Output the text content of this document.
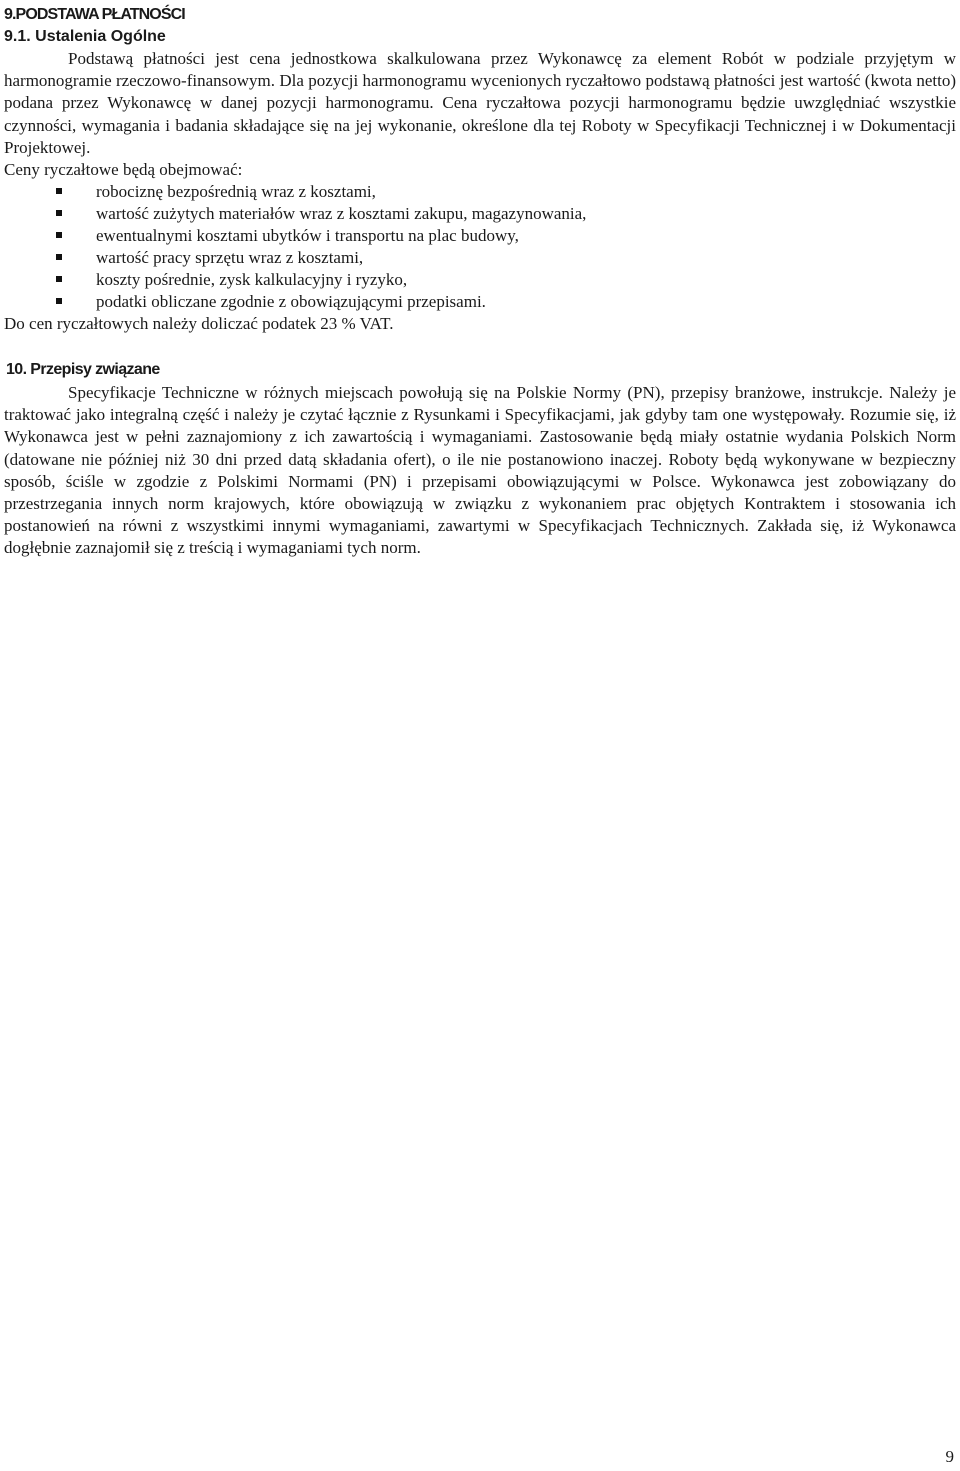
9.PODSTAWA PŁATNOŚCI
9.1. Ustalenia Ogólne

Podstawą płatności jest cena jednostkowa skalkulowana przez Wykonawcę za element Robót w podziale przyjętym w harmonogramie rzeczowo-finansowym. Dla pozycji harmonogramu wycenionych ryczałtowo podstawą płatności jest wartość (kwota netto) podana przez Wykonawcę w danej pozycji harmonogramu. Cena ryczałtowa pozycji harmonogramu będzie uwzględniać wszystkie czynności, wymagania i badania składające się na jej wykonanie, określone dla tej Roboty w Specyfikacji Technicznej i w Dokumentacji Projektowej.

Ceny ryczałtowe będą obejmować:

robociznę bezpośrednią wraz z kosztami,
wartość zużytych materiałów wraz z kosztami zakupu, magazynowania,
ewentualnymi kosztami ubytków i transportu na plac budowy,
wartość pracy sprzętu wraz z kosztami,
koszty pośrednie, zysk kalkulacyjny i ryzyko,
podatki obliczane zgodnie z obowiązującymi przepisami.

Do cen ryczałtowych należy doliczać podatek 23 % VAT.

10. Przepisy związane

Specyfikacje Techniczne w różnych miejscach powołują się na Polskie Normy (PN), przepisy branżowe, instrukcje. Należy je traktować jako integralną część i należy je czytać łącznie z Rysunkami i Specyfikacjami, jak gdyby tam one występowały. Rozumie się, iż Wykonawca jest w pełni zaznajomiony z ich zawartością i wymaganiami. Zastosowanie będą miały ostatnie wydania Polskich Norm (datowane nie później niż 30 dni przed datą składania ofert), o ile nie postanowiono inaczej. Roboty będą wykonywane w bezpieczny sposób, ściśle w zgodzie z Polskimi Normami (PN) i przepisami obowiązującymi w Polsce. Wykonawca jest zobowiązany do przestrzegania innych norm krajowych, które obowiązują w związku z wykonaniem prac objętych Kontraktem i stosowania ich postanowień na równi z wszystkimi innymi wymaganiami, zawartymi w Specyfikacjach Technicznych. Zakłada się, iż Wykonawca dogłębnie zaznajomił się z treścią i wymaganiami tych norm.

9
